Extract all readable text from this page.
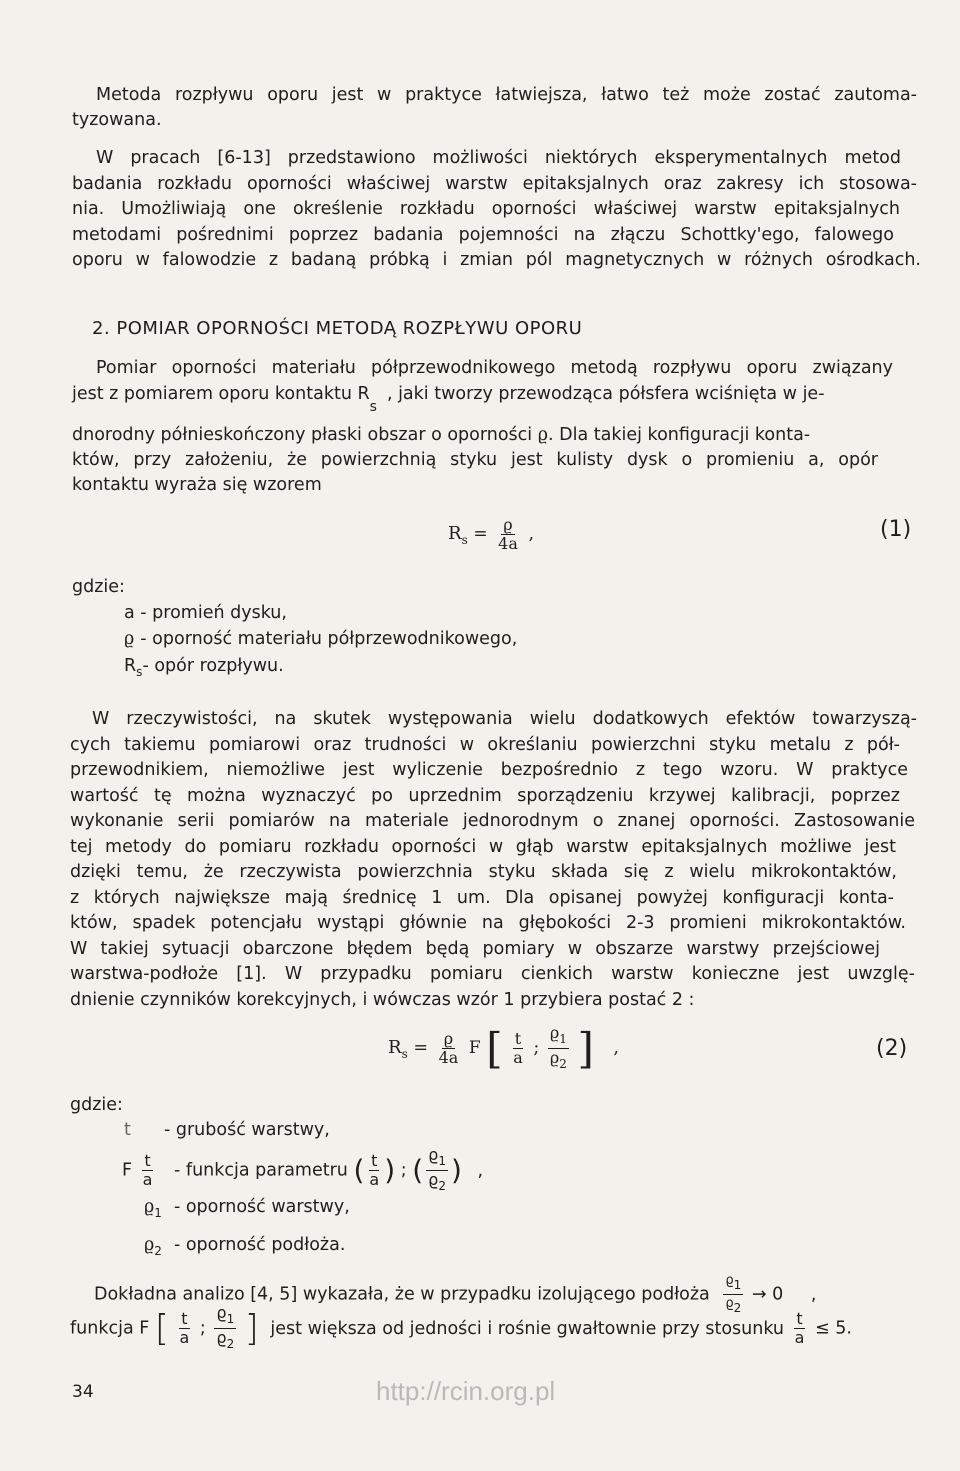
Metoda rozpływu oporu jest w praktyce łatwiejsza, łatwo też może zostać zautoma-
tyzowana.
W pracach [6-13] przedstawiono możliwości niektórych eksperymentalnych metod
badania rozkładu oporności właściwej warstw epitaksjalnych oraz zakresy ich stosowa-
nia. Umożliwiają one określenie rozkładu oporności właściwej warstw epitaksjalnych
metodami pośrednimi poprzez badania pojemności na złączu Schottky'ego, falowego
oporu w falowodzie z badaną próbką i zmian pól magnetycznych w różnych ośrodkach.
2. POMIAR OPORNOŚCI METODĄ ROZPŁYWU OPORU
Pomiar oporności materiału półprzewodnikowego metodą rozpływu oporu związany
jest z pomiarem oporu kontaktu $R_s$, jaki tworzy przewodząca półsfera wciśnięta w je-
dnorodny półnieskończony płaski obszar o oporności ϱ. Dla takiej konfiguracji konta-
któw, przy założeniu, że powierzchnią styku jest kulisty dysk o promieniu a, opór
kontaktu wyraża się wzorem
$R_s = \frac{ϱ}{4a}$ ,	(1)
gdzie:
a - promień dysku,
ϱ - oporność materiału półprzewodnikowego,
$R_s-$ opór rozpływu.
W rzeczywistości, na skutek występowania wielu dodatkowych efektów towarzyszą-
cych takiemu pomiarowi oraz trudności w określaniu powierzchni styku metalu z pół-
przewodnikiem, niemożliwe jest wyliczenie bezpośrednio z tego wzoru. W praktyce
wartość tę można wyznaczyć po uprzednim sporządzeniu krzywej kalibracji, poprzez
wykonanie serii pomiarów na materiale jednorodnym o znanej oporności. Zastosowanie
tej metody do pomiaru rozkładu oporności w głąb warstw epitaksjalnych możliwe jest
dzięki temu, że rzeczywista powierzchnia styku składa się z wielu mikrokontaktów,
z których największe mają średnicę 1 um. Dla opisanej powyżej konfiguracji konta-
któw, spadek potencjału wystąpi głównie na głębokości 2-3 promieni mikrokontaktów.
W takiej sytuacji obarczone błędem będą pomiary w obszarze warstwy przejściowej
warstwa-podłoże [1]. W przypadku pomiaru cienkich warstw konieczne jest uwzglę-
dnienie czynników korekcyjnych, i wówczas wzór 1 przybiera postać 2 :
$R_s = \frac{ϱ}{4a}$ F [ $\frac{t}{a}$ ; $\frac{ϱ_1}{ϱ_2}$ ] ,	(2)
gdzie:
t - grubość warstwy,
F $\frac{t}{a}$ - funkcja parametru ( $\frac{t}{a}$ ) ; ( $\frac{ϱ_1}{ϱ_2}$ ) ,
$ϱ_1$ - oporność warstwy,
$ϱ_2$ - oporność podłoża.
Dokładna analizo [4, 5] wykazała, że w przypadku izolującego podłoża $\frac{ϱ1}{ϱ2} \to 0$ ,
funkcja F [ $\frac{t}{a}$ ; $\frac{ϱ_1}{ϱ_2}$ ] jest większa od jedności i rośnie gwałtownie przy stosunku $\frac{t}{a} \le 5$.
34	http://rcin.org.pl
